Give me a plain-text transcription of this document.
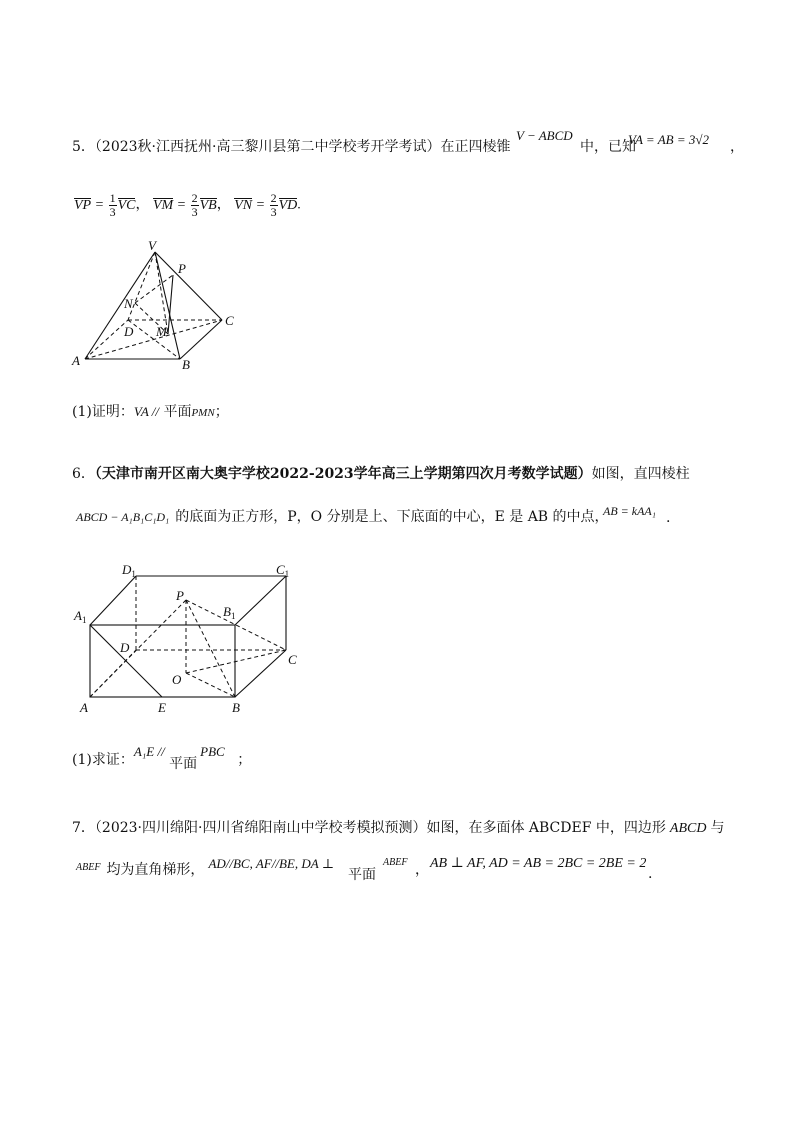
5．（2023秋·江西抚州·高三黎川县第二中学校考开学考试）在正四棱锥
V − ABCD
中，已知
VA = AB = 3√2 ，
VP = $\frac{1}{3}$ VC， VM = $\frac{2}{3}$ VB， VN = $\frac{2}{3}$ VD.
V
P
N
D M
C
A	B
(1)证明：VA // 平面PMN；
6．（天津市南开区南大奥宇学校2022-2023学年高三上学期第四次月考数学试题）如图，直四棱柱
ABCD − A₁B₁C₁D₁ 的底面为正方形，P，O 分别是上、下底面的中心，E 是 AB 的中点，
AB = kAA₁ .
$D_1$	$C_1$
$A_1$
$B_1$
P
D
C
O
A	E	B
(1)求证：A₁E // 平面PBC ；
7．（2023·四川绵阳·四川省绵阳南山中学校考模拟预测）如图，在多面体 ABCDEF 中，四边形 ABCD 与
$^{ABEF}$ 均为直角梯形， AD//BC, AF//BE, DA ⊥
平面
ABEF ， AB ⊥ AF, AD = AB = 2BC = 2BE = 2
.
